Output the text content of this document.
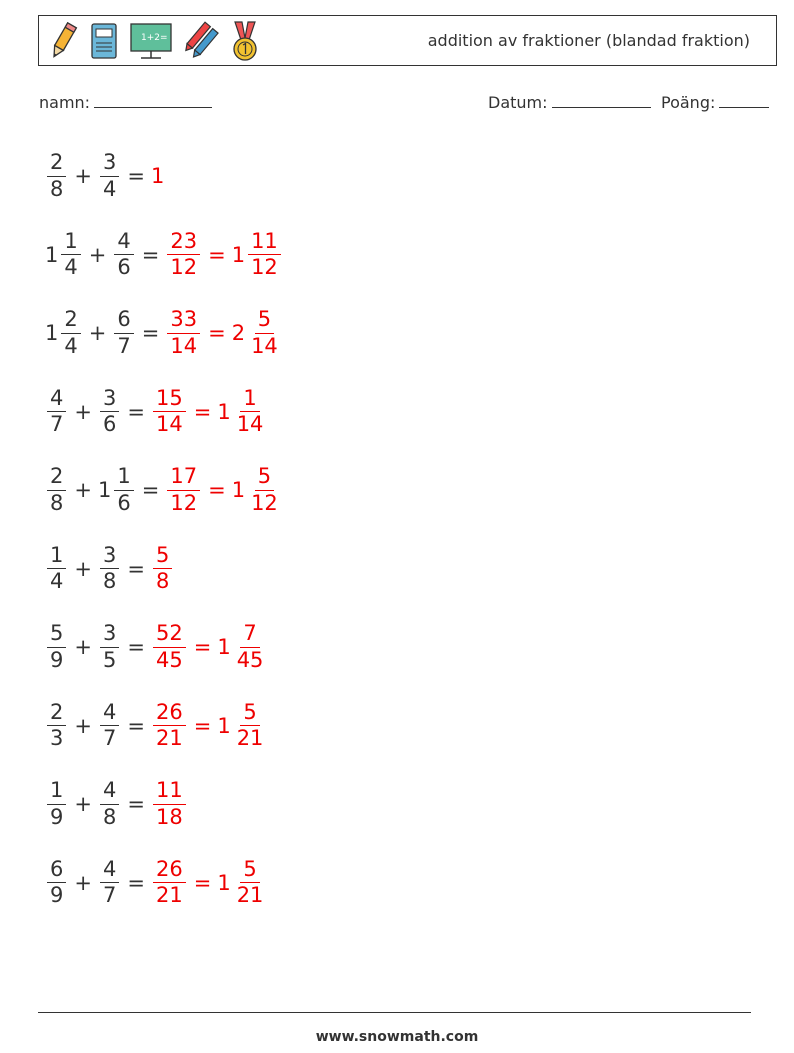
1+2=	addition av fraktioner (blandad fraktion)
namn:	Datum:	Poäng:
$\frac{2}{8} + \frac{3}{4} = 1$
$1 \frac{1}{4} + \frac{4}{6} = \frac{23}{12} = 1 \frac{11}{12}$
$1 \frac{2}{4} + \frac{6}{7} = \frac{33}{14} = 2 \frac{5}{14}$
$\frac{4}{7} + \frac{3}{6} = \frac{15}{14} = 1 \frac{1}{14}$
$\frac{2}{8} + 1 \frac{1}{6} = \frac{17}{12} = 1 \frac{5}{12}$
$\frac{1}{4} + \frac{3}{8} = \frac{5}{8}$
$\frac{5}{9} + \frac{3}{5} = \frac{52}{45} = 1 \frac{7}{45}$
$\frac{2}{3} + \frac{4}{7} = \frac{26}{21} = 1 \frac{5}{21}$
$\frac{1}{9} + \frac{4}{8} = \frac{11}{18}$
$\frac{6}{9} + \frac{4}{7} = \frac{26}{21} = 1 \frac{5}{21}$
www.snowmath.com
